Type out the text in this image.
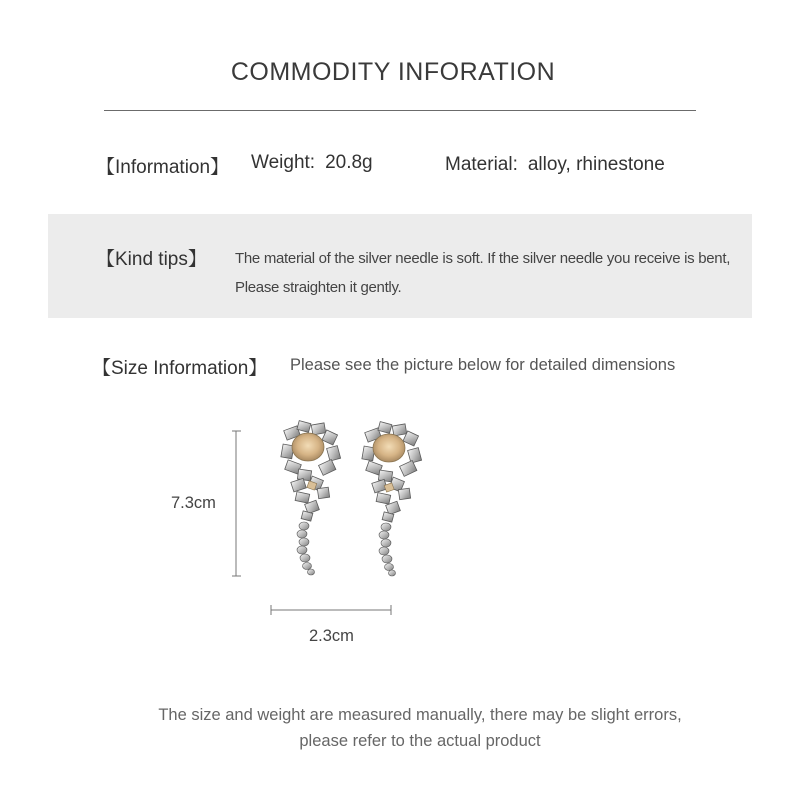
COMMODITY INFORATION
【Information】 Weight: 20.8g	Material: alloy, rhinestone
【Kind tips】 The material of the silver needle is soft. If the silver needle you receive is bent,
Please straighten it gently.
【Size Information】 Please see the picture below for detailed dimensions
7.3cm
2.3cm
The size and weight are measured manually, there may be slight errors,
please refer to the actual product
